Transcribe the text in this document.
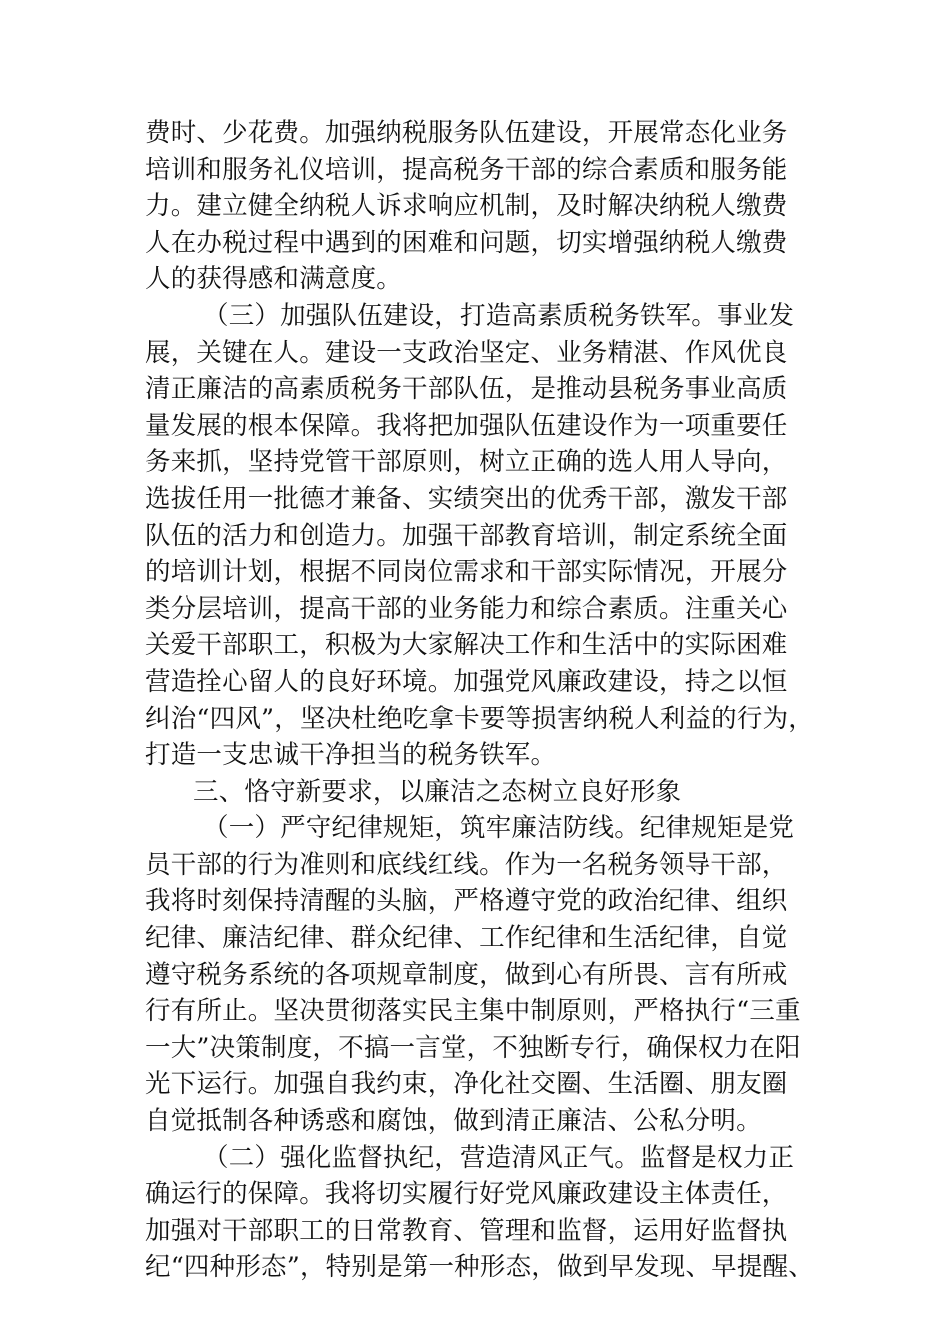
费时、少花费。加强纳税服务队伍建设，开展常态化业务
培训和服务礼仪培训，提高税务干部的综合素质和服务能
力。建立健全纳税人诉求响应机制，及时解决纳税人缴费
人在办税过程中遇到的困难和问题，切实增强纳税人缴费
人的获得感和满意度。
（三）加强队伍建设，打造高素质税务铁军。事业发
展，关键在人。建设一支政治坚定、业务精湛、作风优良
清正廉洁的高素质税务干部队伍，是推动县税务事业高质
量发展的根本保障。我将把加强队伍建设作为一项重要任
务来抓，坚持党管干部原则，树立正确的选人用人导向，
选拔任用一批德才兼备、实绩突出的优秀干部，激发干部
队伍的活力和创造力。加强干部教育培训，制定系统全面
的培训计划，根据不同岗位需求和干部实际情况，开展分
类分层培训，提高干部的业务能力和综合素质。注重关心
关爱干部职工，积极为大家解决工作和生活中的实际困难
营造拴心留人的良好环境。加强党风廉政建设，持之以恒
纠治“四风”，坚决杜绝吃拿卡要等损害纳税人利益的行为，
打造一支忠诚干净担当的税务铁军。
三、恪守新要求，以廉洁之态树立良好形象
（一）严守纪律规矩，筑牢廉洁防线。纪律规矩是党
员干部的行为准则和底线红线。作为一名税务领导干部，
我将时刻保持清醒的头脑，严格遵守党的政治纪律、组织
纪律、廉洁纪律、群众纪律、工作纪律和生活纪律，自觉
遵守税务系统的各项规章制度，做到心有所畏、言有所戒
行有所止。坚决贯彻落实民主集中制原则，严格执行“三重
一大”决策制度，不搞一言堂，不独断专行，确保权力在阳
光下运行。加强自我约束，净化社交圈、生活圈、朋友圈
自觉抵制各种诱惑和腐蚀，做到清正廉洁、公私分明。
（二）强化监督执纪，营造清风正气。监督是权力正
确运行的保障。我将切实履行好党风廉政建设主体责任，
加强对干部职工的日常教育、管理和监督，运用好监督执
纪“四种形态”，特别是第一种形态，做到早发现、早提醒、
